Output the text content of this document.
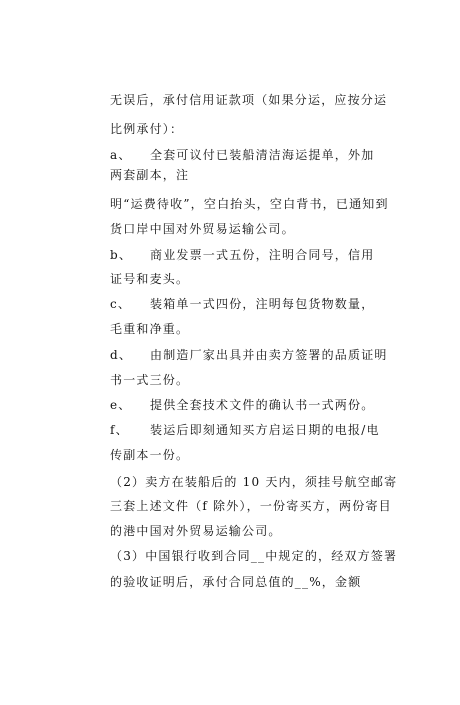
无误后，承付信用证款项（如果分运，应按分运
比例承付）：
a、 全套可议付已装船清洁海运提单，外加
两套副本，注
明“运费待收”，空白抬头，空白背书，已通知到
货口岸中国对外贸易运输公司。
b、 商业发票一式五份，注明合同号，信用
证号和麦头。
c、 装箱单一式四份，注明每包货物数量，
毛重和净重。
d、 由制造厂家出具并由卖方签署的品质证明
书一式三份。
e、 提供全套技术文件的确认书一式两份。
f、 装运后即刻通知买方启运日期的电报/电
传副本一份。
（2）卖方在装船后的 10 天内，须挂号航空邮寄
三套上述文件（f 除外），一份寄买方，两份寄目
的港中国对外贸易运输公司。
（3）中国银行收到合同__中规定的，经双方签署
的验收证明后，承付合同总值的__%，金额
